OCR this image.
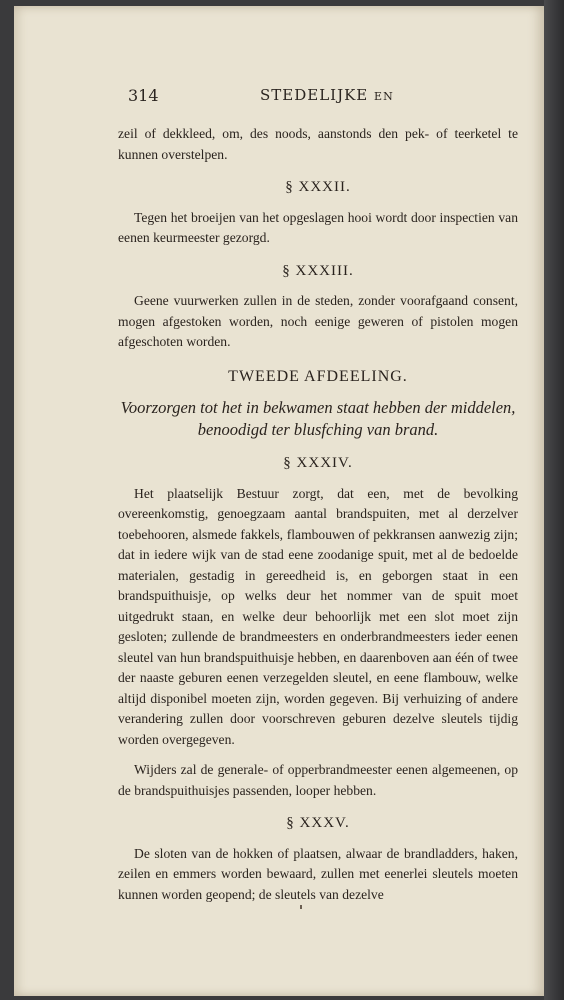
314	STEDELIJKE EN

zeil of dekkleed, om, des noods, aanstonds den pek- of teerketel te kunnen overstelpen.

§ XXXII.

Tegen het broeijen van het opgeslagen hooi wordt door inspectien van eenen keurmeester gezorgd.

§ XXXIII.

Geene vuurwerken zullen in de steden, zonder voorafgaand consent, mogen afgestoken worden, noch eenige geweren of pistolen mogen afgeschoten worden.

TWEEDE AFDEELING.
Voorzorgen tot het in bekwamen staat hebben der middelen, benoodigd ter blusfching van brand.
§ XXXIV.

Het plaatselijk Bestuur zorgt, dat een, met de bevolking overeenkomstig, genoegzaam aantal brandspuiten, met al derzelver toebehooren, alsmede fakkels, flambouwen of pekkransen aanwezig zijn; dat in iedere wijk van de stad eene zoodanige spuit, met al de bedoelde materialen, gestadig in gereedheid is, en geborgen staat in een brandspuithuisje, op welks deur het nommer van de spuit moet uitgedrukt staan, en welke deur behoorlijk met een slot moet zijn gesloten; zullende de brandmeesters en onderbrandmeesters ieder eenen sleutel van hun brandspuithuisje hebben, en daarenboven aan één of twee der naaste geburen eenen verzegelden sleutel, en eene flambouw, welke altijd disponibel moeten zijn, worden gegeven. Bij verhuizing of andere verandering zullen door voorschreven geburen dezelve sleutels tijdig worden overgegeven.

Wijders zal de generale- of opperbrandmeester eenen algemeenen, op de brandspuithuisjes passenden, looper hebben.

§ XXXV.

De sloten van de hokken of plaatsen, alwaar de brandladders, haken, zeilen en emmers worden bewaard, zullen met eenerlei sleutels moeten kunnen worden geopend; de sleutels van dezelve
